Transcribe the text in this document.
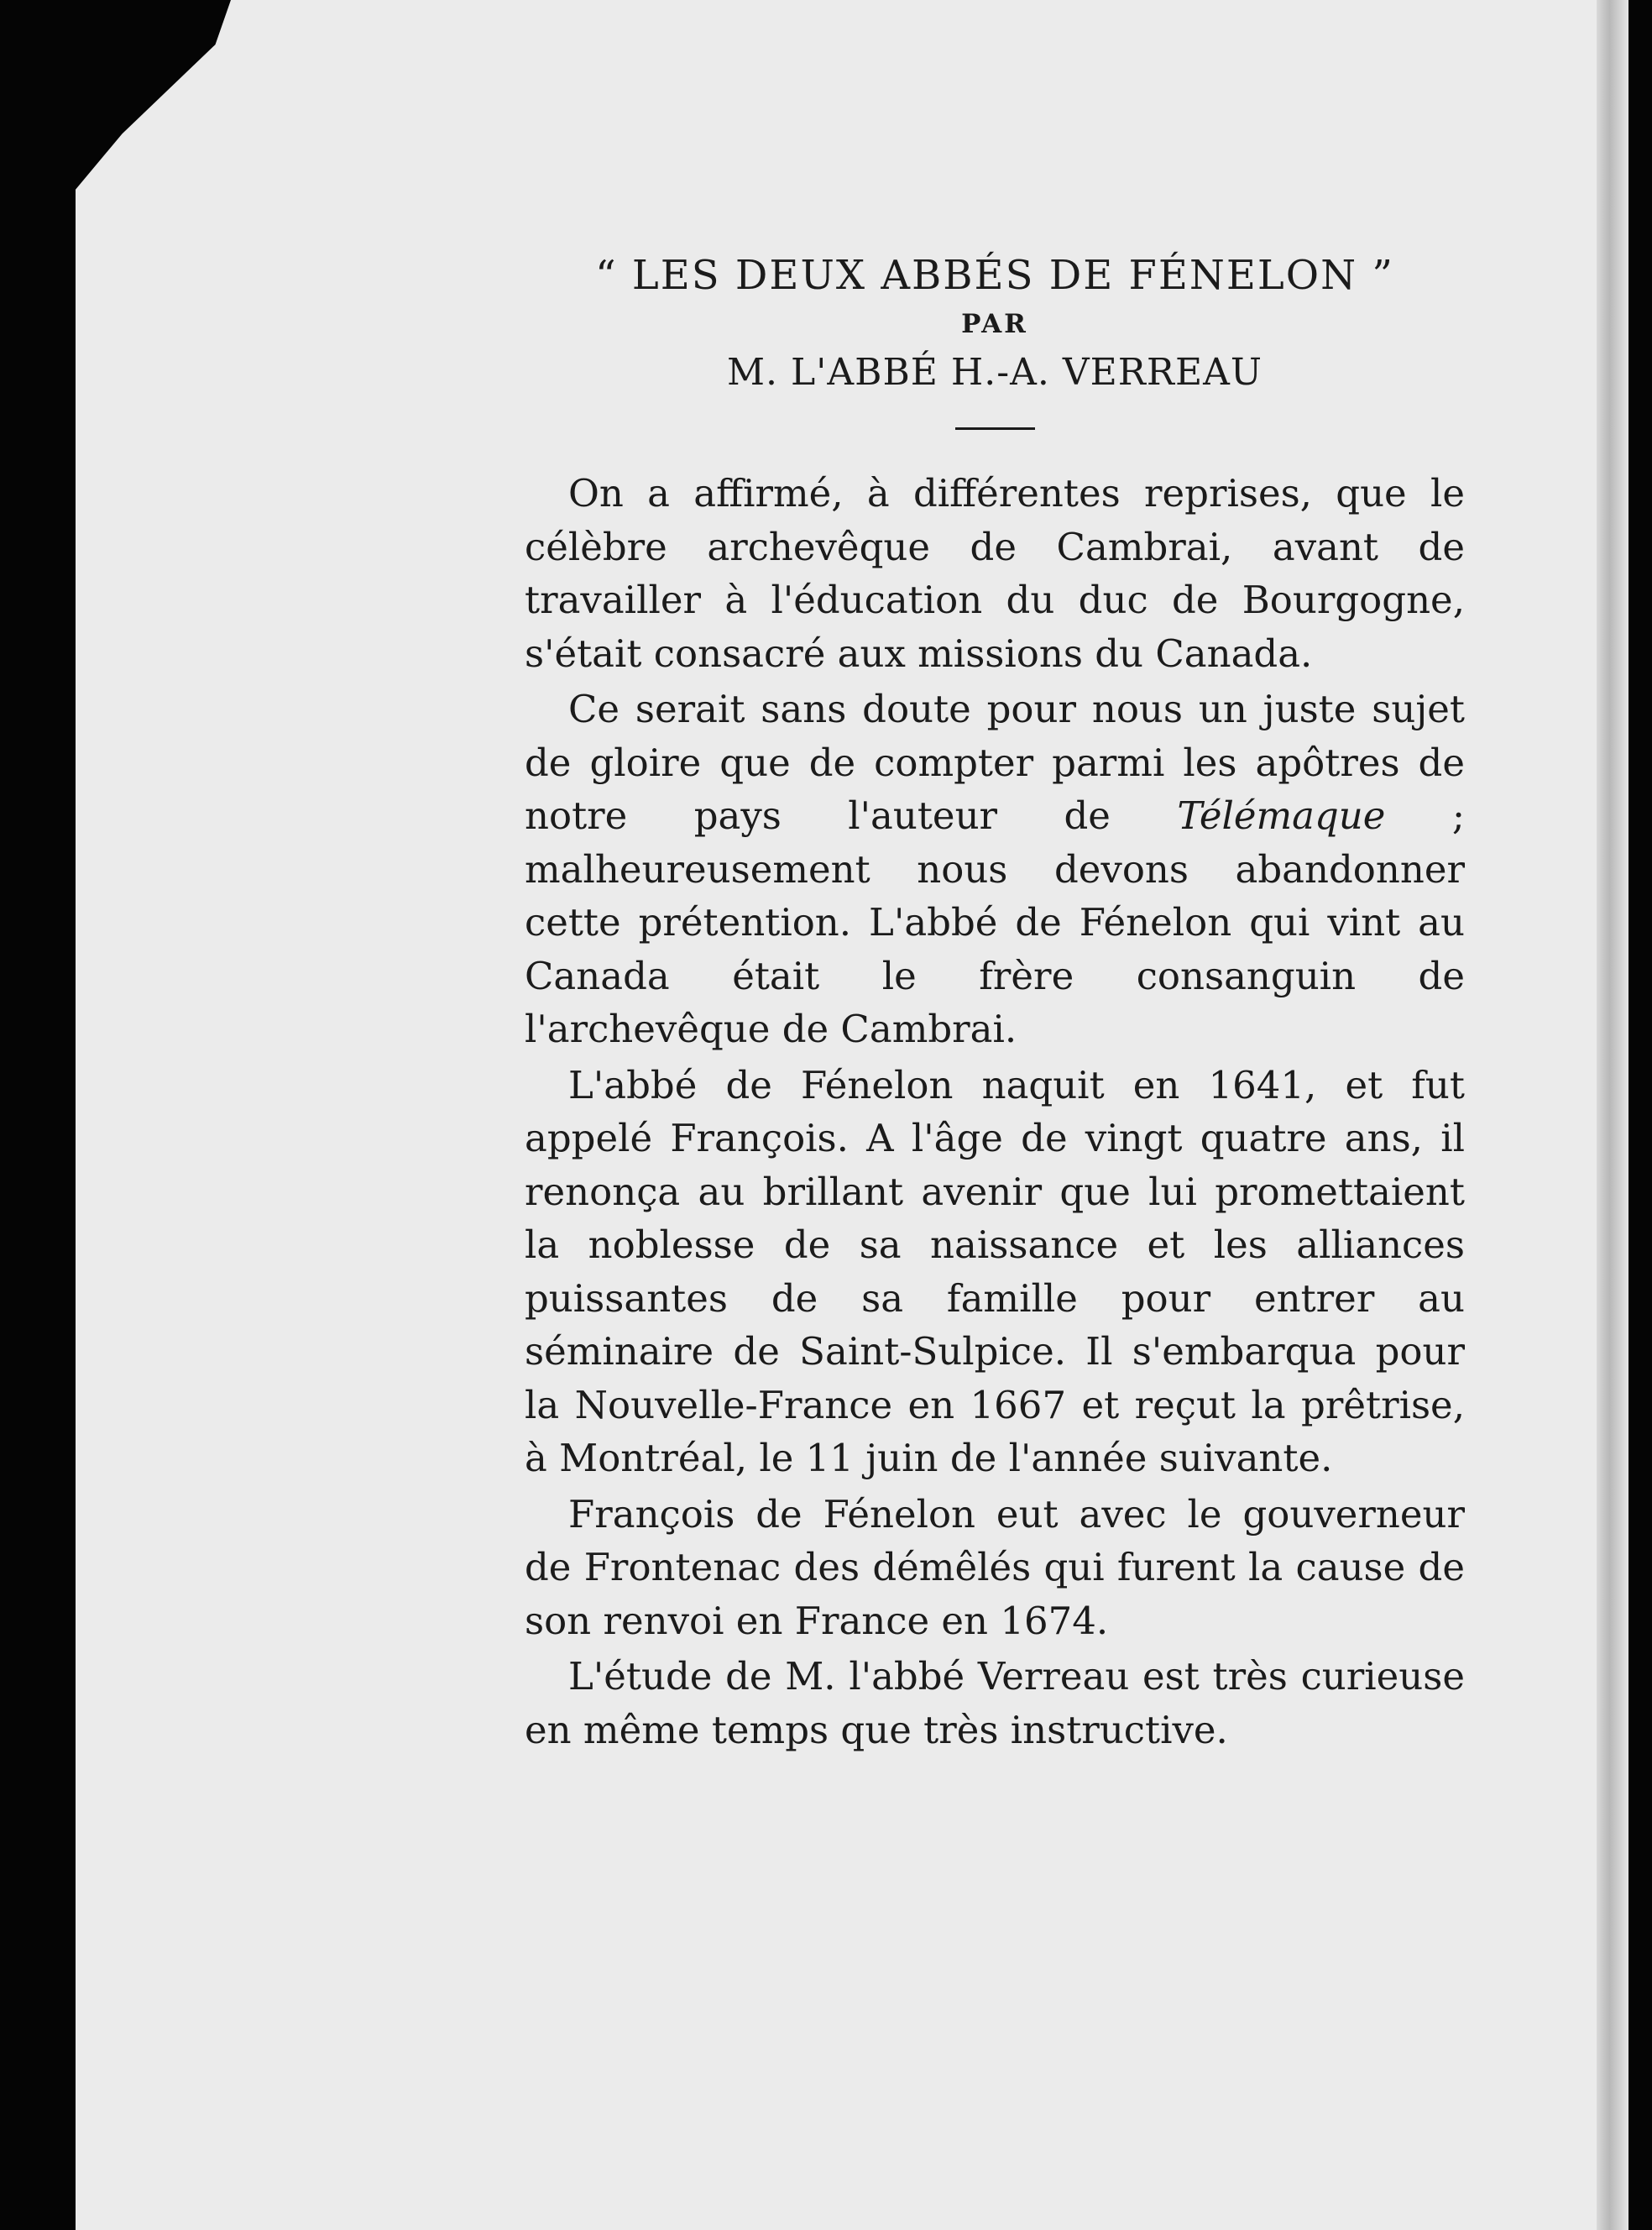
“ LES DEUX ABBÉS DE FÉNELON ”
PAR
M. L'ABBÉ H.-A. VERREAU

On a affirmé, à différentes reprises, que le célèbre archevêque de Cambrai, avant de travailler à l'éducation du duc de Bourgogne, s'était consacré aux missions du Canada.

Ce serait sans doute pour nous un juste sujet de gloire que de compter parmi les apôtres de notre pays l'auteur de Télémaque ; malheureusement nous devons abandonner cette prétention. L'abbé de Fénelon qui vint au Canada était le frère consanguin de l'archevêque de Cambrai.

L'abbé de Fénelon naquit en 1641, et fut appelé François. A l'âge de vingt quatre ans, il renonça au brillant avenir que lui promettaient la noblesse de sa naissance et les alliances puissantes de sa famille pour entrer au séminaire de Saint-Sulpice. Il s'embarqua pour la Nouvelle-France en 1667 et reçut la prêtrise, à Montréal, le 11 juin de l'année suivante.

François de Fénelon eut avec le gouverneur de Frontenac des démêlés qui furent la cause de son renvoi en France en 1674.

L'étude de M. l'abbé Verreau est très curieuse en même temps que très instructive.
